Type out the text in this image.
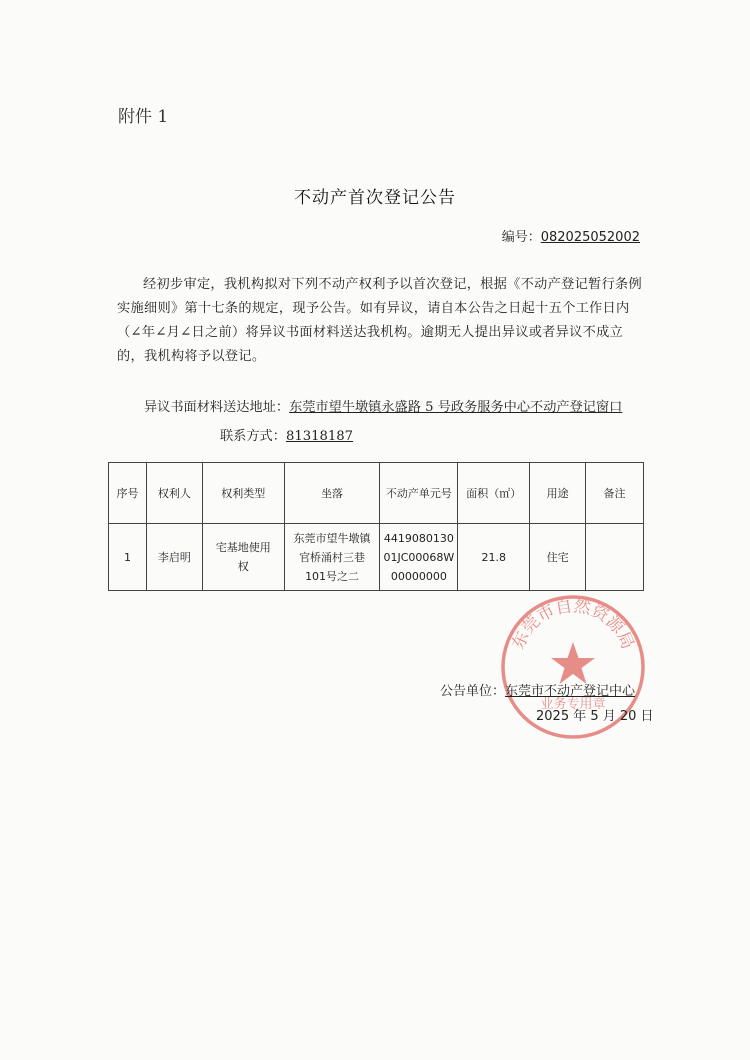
附件 1
不动产首次登记公告
编号：082025052002
经初步审定，我机构拟对下列不动产权利予以首次登记，根据《不动产登记暂行条例实施细则》第十七条的规定，现予公告。如有异议，请自本公告之日起十五个工作日内（∠年∠月∠日之前）将异议书面材料送达我机构。逾期无人提出异议或者异议不成立的，我机构将予以登记。
异议书面材料送达地址：东莞市望牛墩镇永盛路 5 号政务服务中心不动产登记窗口
联系方式：81318187
序号	权利人	权利类型	坐落	不动产单元号	面积（㎡）	用途	备注
1	李启明	宅基地使用权	东莞市望牛墩镇官桥涌村三巷101号之二	441908013001JC00068W00000000	21.8	住宅	
东莞市自然资源局
业务专用章
公告单位：东莞市不动产登记中心
2025 年 5 月 20 日
